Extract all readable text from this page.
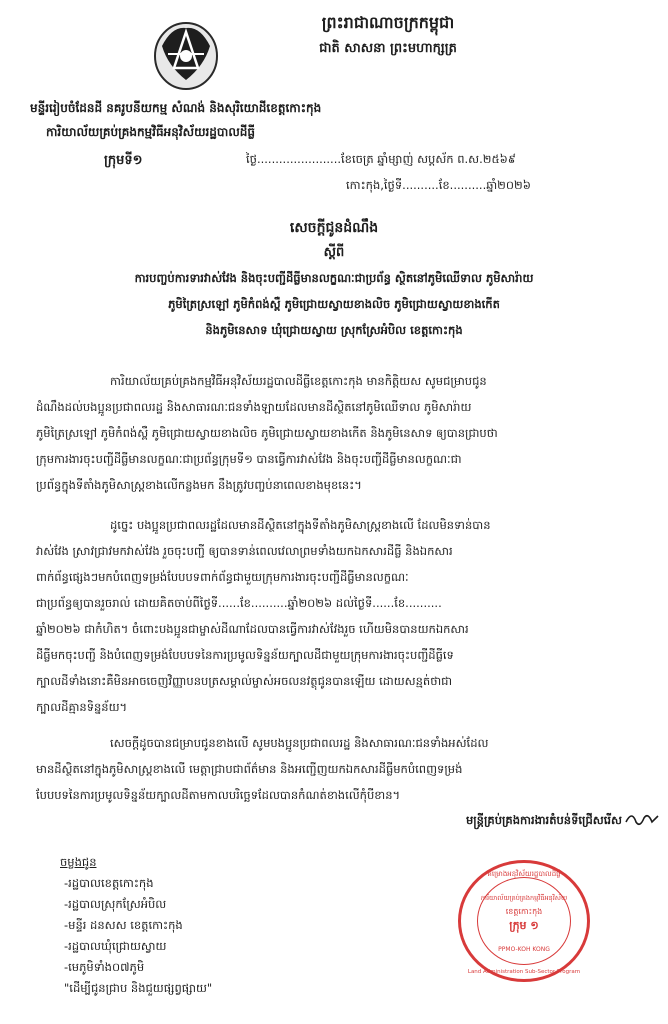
ព្រះរាជាណាចក្រកម្ពុជា
ជាតិ សាសនា ព្រះមហាក្សត្រ
មន្ទីររៀបចំដែនដី នគរូបនីយកម្ម សំណង់ និងសុរិយោដីខេត្តកោះកុង
ការិយាល័យគ្រប់គ្រងកម្មវិធីអនុវិស័យរដ្ឋបាលដីធ្លី
ក្រុមទី១	ថ្ងៃ.......................ខែចេត្រ ឆ្នាំម្សាញ់ សប្តស័ក ព.ស.២៥៦៩
កោះកុង,ថ្ងៃទី..........ខែ..........ឆ្នាំ២០២៦
សេចក្តីជូនដំណឹង
ស្តីពី
ការបញ្ចប់ការទារវាស់វែង និងចុះបញ្ជីដីធ្លីមានលក្ខណៈជាប្រព័ន្ធ ស្ថិតនៅភូមិឈើទាល ភូមិសារ៉ាយ
ភូមិត្រៃស្រឡៅ ភូមិកំពង់ស្ពឺ ភូមិជ្រោយស្វាយខាងលិច ភូមិជ្រោយស្វាយខាងកើត
និងភូមិនេសាទ ឃុំជ្រោយស្វាយ ស្រុកស្រែអំបិល ខេត្តកោះកុង

ការិយាល័យគ្រប់គ្រងកម្មវិធីអនុវិស័យរដ្ឋបាលដីធ្លីខេត្តកោះកុង មានកិត្តិយស សូមជម្រាបជូន

ដំណឹងដល់បងប្អូនប្រជាពលរដ្ឋ និងសាធារណៈជនទាំងឡាយដែលមានដីស្ថិតនៅភូមិឈើទាល ភូមិសារ៉ាយ

ភូមិត្រៃស្រឡៅ ភូមិកំពង់ស្ពឺ ភូមិជ្រោយស្វាយខាងលិច ភូមិជ្រោយស្វាយខាងកើត និងភូមិនេសាទ ឲ្យបានជ្រាបថា

ក្រុមការងារចុះបញ្ជីដីធ្លីមានលក្ខណៈជាប្រព័ន្ធក្រុមទី១ បានធ្វើការវាស់វែង និងចុះបញ្ជីដីធ្លីមានលក្ខណៈជា

ប្រព័ន្ធក្នុងទីតាំងភូមិសាស្ត្រខាងលើកន្លងមក នឹងត្រូវបញ្ចប់នាពេលខាងមុខនេះ។

ដូច្នេះ បងប្អូនប្រជាពលរដ្ឋដែលមានដីស្ថិតនៅក្នុងទីតាំងភូមិសាស្ត្រខាងលើ ដែលមិនទាន់បាន

វាស់វែង ស្រាវជ្រាវមកវាស់វែង រួចចុះបញ្ជី ឲ្យបានទាន់ពេលវេលាព្រមទាំងយកឯកសារដីធ្លី និងឯកសារ

ពាក់ព័ន្ធផ្សេងៗមកបំពេញទម្រង់បែបបទពាក់ព័ន្ធជាមួយក្រុមការងារចុះបញ្ជីដីធ្លីមានលក្ខណៈ

ជាប្រព័ន្ធឲ្យបានរួចរាល់ ដោយគិតចាប់ពីថ្ងៃទី......ខែ..........ឆ្នាំ២០២៦ ដល់ថ្ងៃទី......ខែ..........

ឆ្នាំ២០២៦ ជាកំហិត។ ចំពោះបងប្អូនជាម្ចាស់ដីណាដែលបានធ្វើការវាស់វែងរួច ហើយមិនបានយកឯកសារ

ដីធ្លីមកចុះបញ្ជី និងបំពេញទម្រង់បែបបទនៃការប្រមូលទិន្នន័យក្បាលដីជាមួយក្រុមការងារចុះបញ្ជីដីធ្លីទេ

ក្បាលដីទាំងនោះគឺមិនអាចចេញវិញ្ញាបនបត្រសម្គាល់ម្ចាស់អចលនវត្ថុជូនបានឡើយ ដោយសន្មត់ថាជា

ក្បាលដីគ្មានទិន្នន័យ។

សេចក្តីដូចបានជម្រាបជូនខាងលើ សូមបងប្អូនប្រជាពលរដ្ឋ និងសាធារណៈជនទាំងអស់ដែល

មានដីស្ថិតនៅក្នុងភូមិសាស្ត្រខាងលើ មេត្តាជ្រាបជាព័ត៌មាន និងអញ្ជើញយកឯកសារដីធ្លីមកបំពេញទម្រង់

បែបបទនៃការប្រមូលទិន្នន័យក្បាលដីតាមកាលបរិច្ឆេទដែលបានកំណត់ខាងលើកុំបីខាន។

មន្ត្រីគ្រប់គ្រងការងារតំបន់ទីជ្រើសរើស
ចម្លងជូន
-រដ្ឋបាលខេត្តកោះកុង
-រដ្ឋបាលស្រុកស្រែអំបិល
-មន្ទីរ ដនសស ខេត្តកោះកុង
-រដ្ឋបាលឃុំជ្រោយស្វាយ
-មេភូមិទាំង០៧ភូមិ
"ដើម្បីជូនជ្រាប និងជួយផ្សព្វផ្សាយ"
គម្រោងអនុវិស័យរដ្ឋបាលដីធ្លី
ការិយាល័យគ្រប់គ្រងកម្មវិធីអនុវិស័យ
ខេត្តកោះកុង
ក្រុម ១
PPMO-KOH KONG
Land Administration Sub-Sector Program
